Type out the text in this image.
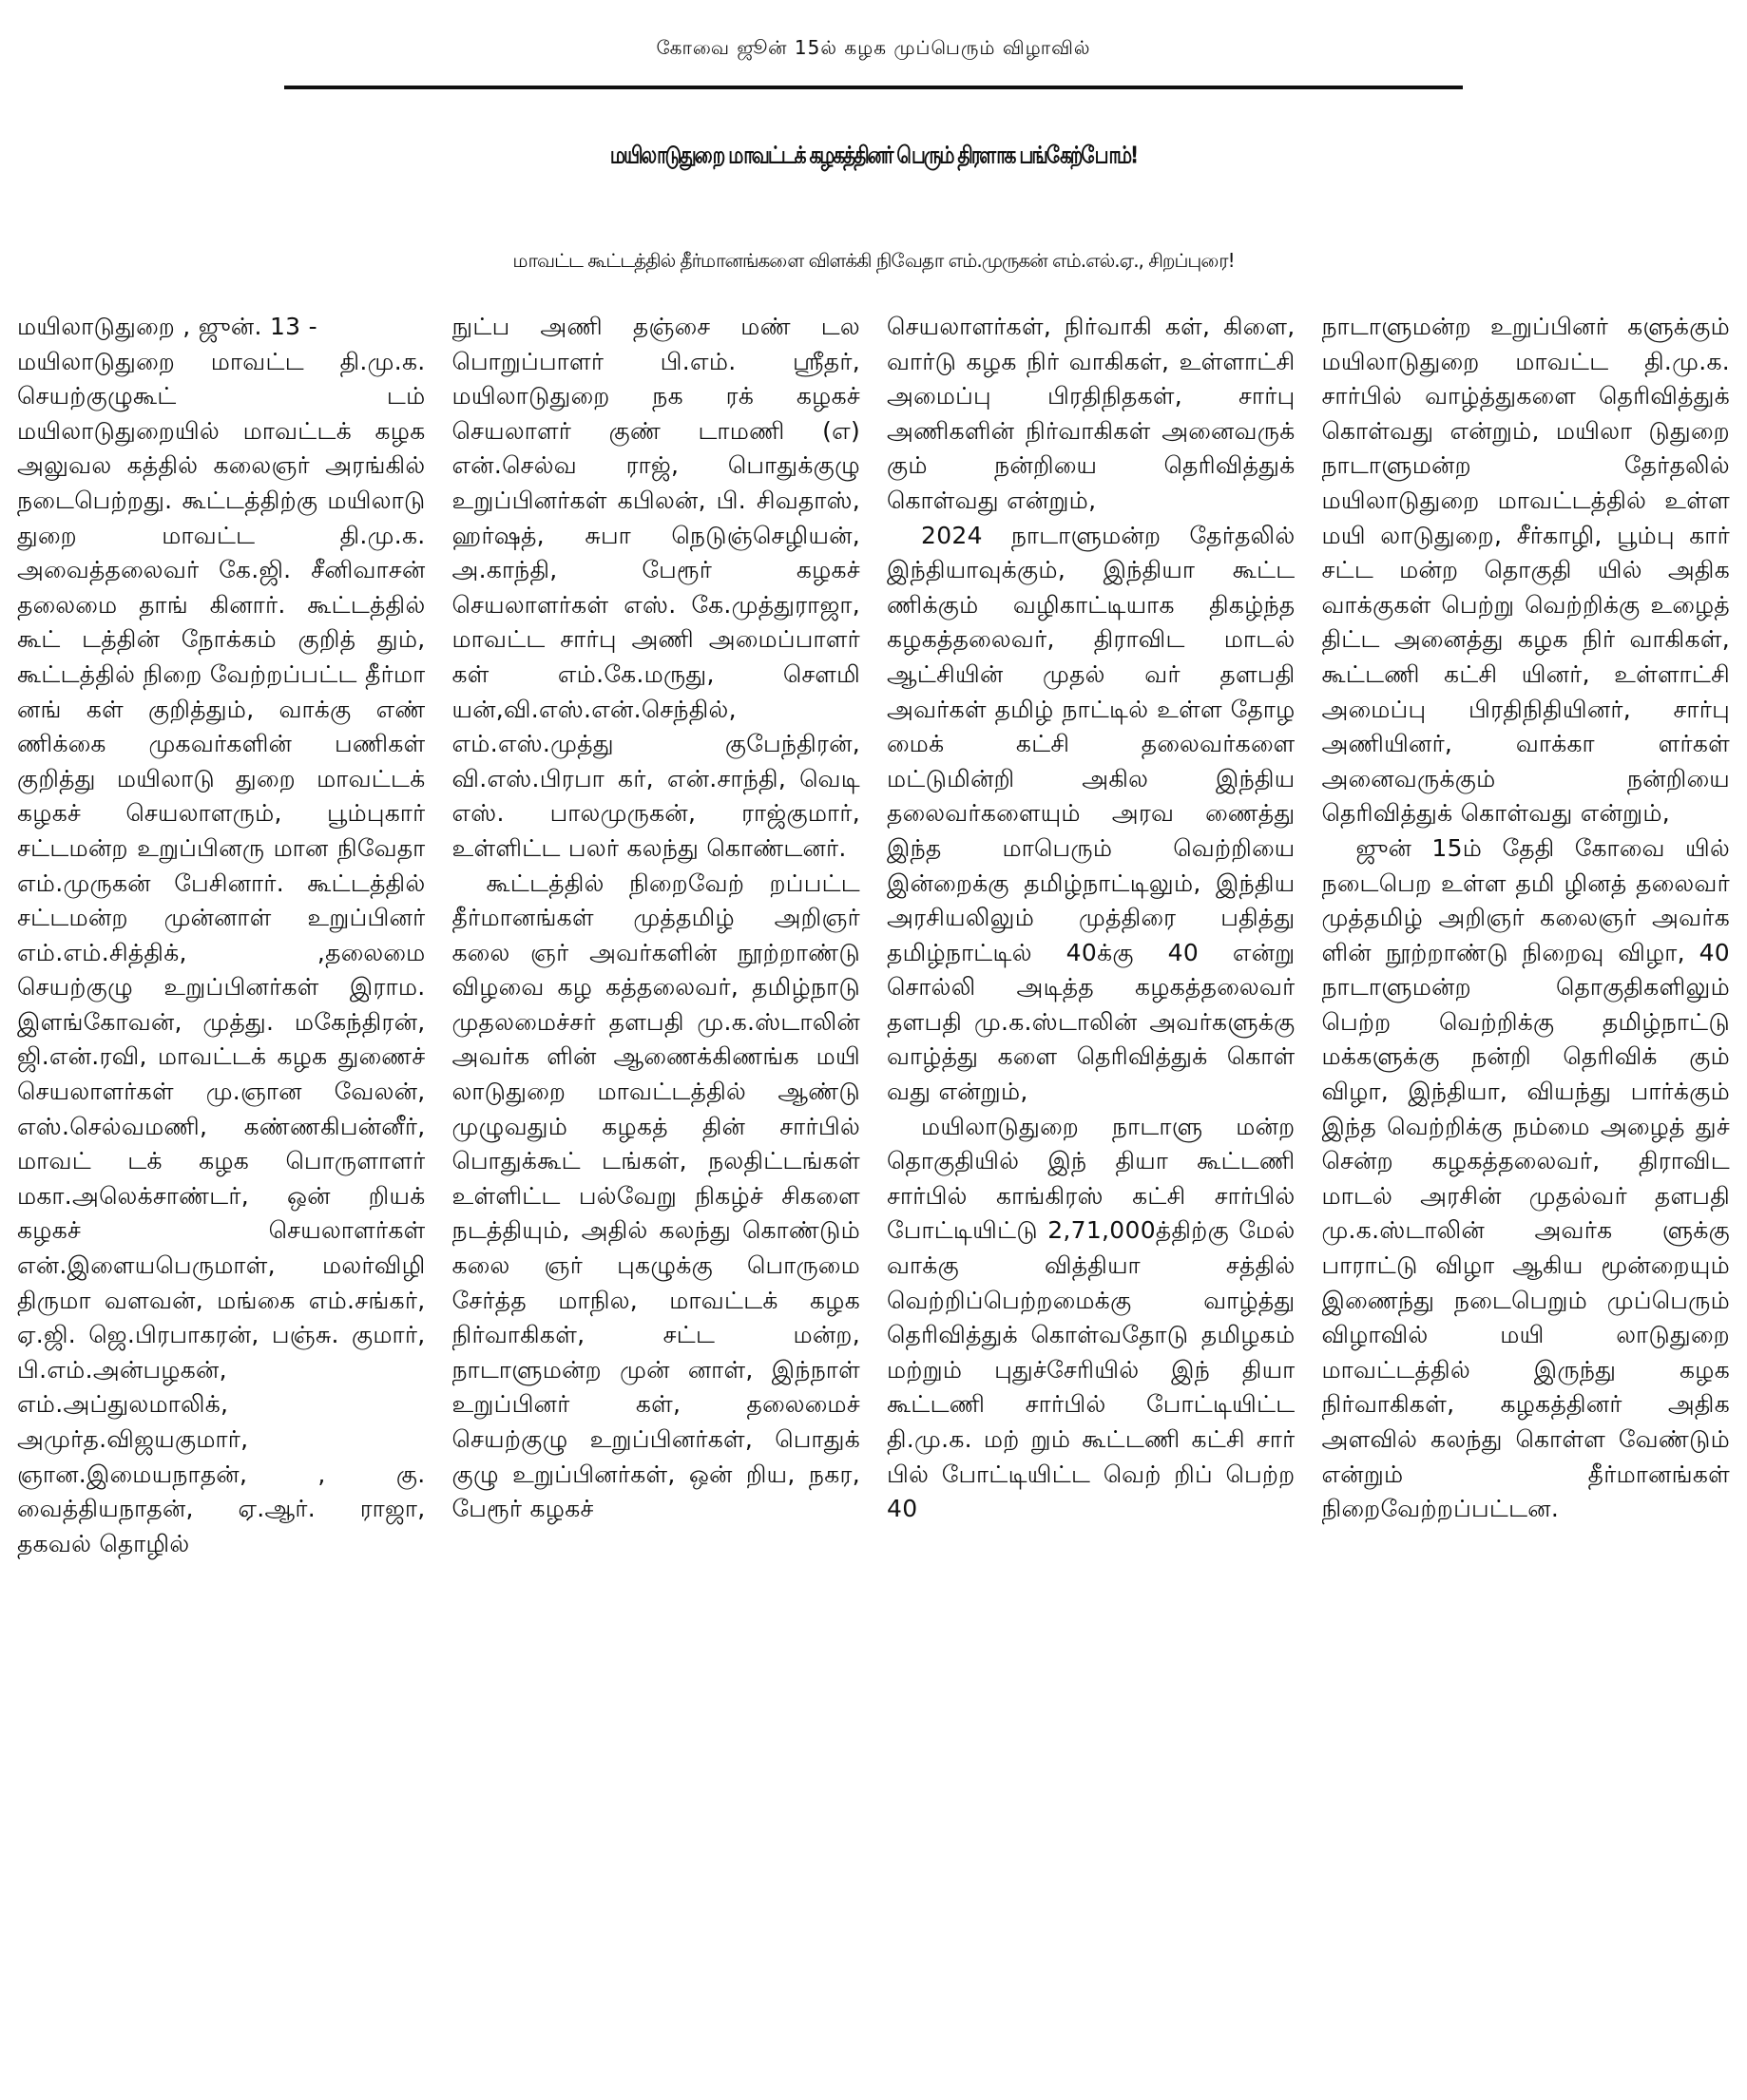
கோவை ஜூன் 15ல் கழக முப்பெரும் விழாவில்
மயிலாடுதுறை மாவட்டக் கழகத்தினர் பெரும் திரளாக பங்கேற்போம்!
மாவட்ட கூட்டத்தில் தீர்மானங்களை விளக்கி நிவேதா எம்.முருகன் எம்.எல்.ஏ., சிறப்புரை!

மயிலாடுதுறை , ஜுன். 13 -

மயிலாடுதுறை மாவட்ட தி.மு.க. செயற்குழுகூட் டம் மயிலாடுதுறையில் மாவட்டக் கழக அலுவல கத்தில் கலைஞர் அரங்கில் நடைபெற்றது. கூட்டத்திற்கு மயிலாடு துறை மாவட்ட தி.மு.க. அவைத்தலைவர் கே.ஜி. சீனிவாசன் தலைமை தாங் கினார். கூட்டத்தில் கூட் டத்தின் நோக்கம் குறித் தும், கூட்டத்தில் நிறை வேற்றப்பட்ட தீர்மா னங் கள் குறித்தும், வாக்கு எண் ணிக்கை முகவர்களின் பணிகள் குறித்து மயிலாடு துறை மாவட்டக் கழகச் செயலாளரும், பூம்புகார் சட்டமன்ற உறுப்பினரு மான நிவேதா எம்.முருகன் பேசினார். கூட்டத்தில் சட்டமன்ற முன்னாள் உறுப்பினர் எம்.எம்.சித்திக், ,தலைமை செயற்குழு உறுப்பினர்கள் இராம. இளங்கோவன், முத்து. மகேந்திரன், ஜி.என்.ரவி, மாவட்டக் கழக துணைச் செயலாளர்கள் மு.ஞான வேலன், எஸ்.செல்வமணி, கண்ணகிபன்னீர், மாவட் டக் கழக பொருளாளர் மகா.அலெக்சாண்டர், ஒன் றியக் கழகச் செயலாளர்கள் என்.இளையபெருமாள், மலர்விழி திருமா வளவன், மங்கை எம்.சங்கர், ஏ.ஜி. ஜெ.பிரபாகரன், பஞ்சு. குமார், பி.எம்.அன்பழகன், எம்.அப்துலமாலிக், அமுர்த.விஜயகுமார், ஞான.இமையநாதன், , கு. வைத்தியநாதன், ஏ.ஆர். ராஜா, தகவல் தொழில்

நுட்ப அணி தஞ்சை மண் டல பொறுப்பாளர் பி.எம். ஸ்ரீதர், மயிலாடுதுறை நக ரக் கழகச் செயலாளர் குண் டாமணி (எ) என்.செல்வ ராஜ், பொதுக்குழு உறுப்பினர்கள் கபிலன், பி. சிவதாஸ், ஹர்ஷத், சுபா நெடுஞ்செழியன், அ.காந்தி, பேரூர் கழகச் செயலாளர்கள் எஸ். கே.முத்துராஜா, மாவட்ட சார்பு அணி அமைப்பாளர் கள் எம்.கே.மருது, சௌமி யன்,வி.எஸ்.என்.செந்தில், எம்.எஸ்.முத்து குபேந்திரன், வி.எஸ்.பிரபா கர், என்.சாந்தி, வெடி எஸ். பாலமுருகன், ராஜ்குமார், உள்ளிட்ட பலர் கலந்து கொண்டனர்.

கூட்டத்தில் நிறைவேற் றப்பட்ட தீர்மானங்கள் முத்தமிழ் அறிஞர் கலை ஞர் அவர்களின் நூற்றாண்டு விழவை கழ கத்தலைவர், தமிழ்நாடு முதலமைச்சர் தளபதி மு.க.ஸ்டாலின் அவர்க ளின் ஆணைக்கிணங்க மயி லாடுதுறை மாவட்டத்தில் ஆண்டு முழுவதும் கழகத் தின் சார்பில் பொதுக்கூட் டங்கள், நலதிட்டங்கள் உள்ளிட்ட பல்வேறு நிகழ்ச் சிகளை நடத்தியும், அதில் கலந்து கொண்டும் கலை ஞர் புகழுக்கு பொருமை சேர்த்த மாநில, மாவட்டக் கழக நிர்வாகிகள், சட்ட மன்ற, நாடாளுமன்ற முன் னாள், இந்நாள் உறுப்பினர் கள், தலைமைச் செயற்குழு உறுப்பினர்கள், பொதுக் குழு உறுப்பினர்கள், ஒன் றிய, நகர, பேரூர் கழகச்

செயலாளர்கள், நிர்வாகி கள், கிளை, வார்டு கழக நிர் வாகிகள், உள்ளாட்சி அமைப்பு பிரதிநிதகள், சார்பு அணிகளின் நிர்வாகிகள் அனைவருக் கும் நன்றியை தெரிவித்துக் கொள்வது என்றும்,

2024 நாடாளுமன்ற தேர்தலில் இந்தியாவுக்கும், இந்தியா கூட்ட ணிக்கும் வழிகாட்டியாக திகழ்ந்த கழகத்தலைவர், திராவிட மாடல் ஆட்சியின் முதல் வர் தளபதி அவர்கள் தமிழ் நாட்டில் உள்ள தோழ மைக் கட்சி தலைவர்களை மட்டுமின்றி அகில இந்திய தலைவர்களையும் அரவ ணைத்து இந்த மாபெரும் வெற்றியை இன்றைக்கு தமிழ்நாட்டிலும், இந்திய அரசியலிலும் முத்திரை பதித்து தமிழ்நாட்டில் 40க்கு 40 என்று சொல்லி அடித்த கழகத்தலைவர் தளபதி மு.க.ஸ்டாலின் அவர்களுக்கு வாழ்த்து களை தெரிவித்துக் கொள் வது என்றும்,

மயிலாடுதுறை நாடாளு மன்ற தொகுதியில் இந் தியா கூட்டணி சார்பில் காங்கிரஸ் கட்சி சார்பில் போட்டியிட்டு 2,71,000த்திற்கு மேல் வாக்கு வித்தியா சத்தில் வெற்றிப்பெற்றமைக்கு வாழ்த்து தெரிவித்துக் கொள்வதோடு தமிழகம் மற்றும் புதுச்சேரியில் இந் தியா கூட்டணி சார்பில் போட்டியிட்ட தி.மு.க. மற் றும் கூட்டணி கட்சி சார் பில் போட்டியிட்ட வெற் றிப் பெற்ற 40

நாடாளுமன்ற உறுப்பினர் களுக்கும் மயிலாடுதுறை மாவட்ட தி.மு.க. சார்பில் வாழ்த்துகளை தெரிவித்துக் கொள்வது என்றும், மயிலா டுதுறை நாடாளுமன்ற தேர்தலில் மயிலாடுதுறை மாவட்டத்தில் உள்ள மயி லாடுதுறை, சீர்காழி, பூம்பு கார் சட்ட மன்ற தொகுதி யில் அதிக வாக்குகள் பெற்று வெற்றிக்கு உழைத் திட்ட அனைத்து கழக நிர் வாகிகள், கூட்டணி கட்சி யினர், உள்ளாட்சி அமைப்பு பிரதிநிதியினர், சார்பு அணியினர், வாக்கா ளர்கள் அனைவருக்கும் நன்றியை தெரிவித்துக் கொள்வது என்றும்,

ஜுன் 15ம் தேதி கோவை யில் நடைபெற உள்ள தமி ழினத் தலைவர் முத்தமிழ் அறிஞர் கலைஞர் அவர்க ளின் நூற்றாண்டு நிறைவு விழா, 40 நாடாளுமன்ற தொகுதிகளிலும் பெற்ற வெற்றிக்கு தமிழ்நாட்டு மக்களுக்கு நன்றி தெரிவிக் கும் விழா, இந்தியா, வியந்து பார்க்கும் இந்த வெற்றிக்கு நம்மை அழைத் துச் சென்ற கழகத்தலைவர், திராவிட மாடல் அரசின் முதல்வர் தளபதி மு.க.ஸ்டாலின் அவர்க ளுக்கு பாராட்டு விழா ஆகிய மூன்றையும் இணைந்து நடைபெறும் முப்பெரும் விழாவில் மயி லாடுதுறை மாவட்டத்தில் இருந்து கழக நிர்வாகிகள், கழகத்தினர் அதிக அளவில் கலந்து கொள்ள வேண்டும் என்றும் தீர்மானங்கள் நிறைவேற்றப்பட்டன.
